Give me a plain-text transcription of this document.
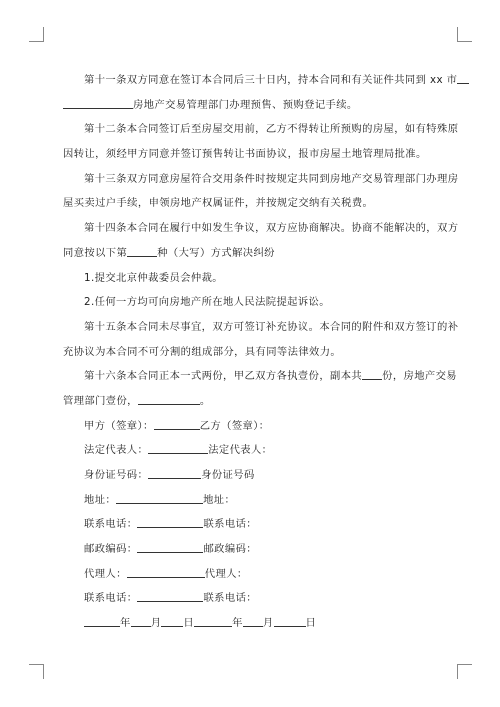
第十一条双方同意在签订本合同后三十日内，持本合同和有关证件共同到 xx 市
房地产交易管理部门办理预售、预购登记手续。
第十二条本合同签订后至房屋交用前，乙方不得转让所预购的房屋，如有特殊原
因转让，须经甲方同意并签订预售转让书面协议，报市房屋土地管理局批准。
第十三条双方同意房屋符合交用条件时按规定共同到房地产交易管理部门办理房
屋买卖过户手续，申领房地产权属证件，并按规定交纳有关税费。
第十四条本合同在履行中如发生争议，双方应协商解决。协商不能解决的，双方
同意按以下第	种（大写）方式解决纠纷
1.提交北京仲裁委员会仲裁。
2.任何一方均可向房地产所在地人民法院提起诉讼。
第十五条本合同未尽事宜，双方可签订补充协议。本合同的附件和双方签订的补
充协议为本合同不可分割的组成部分，具有同等法律效力。
第十六条本合同正本一式两份，甲乙双方各执壹份，副本共 份，房地产交易
管理部门壹份，	。
甲方（签章）：	乙方（签章）：
法定代表人：	法定代表人：
身份证号码：	身份证号码
地址：	地址：
联系电话：	联系电话：
邮政编码：	邮政编码：
代理人：	代理人：
联系电话：	联系电话：
年 月 日	年 月	日
